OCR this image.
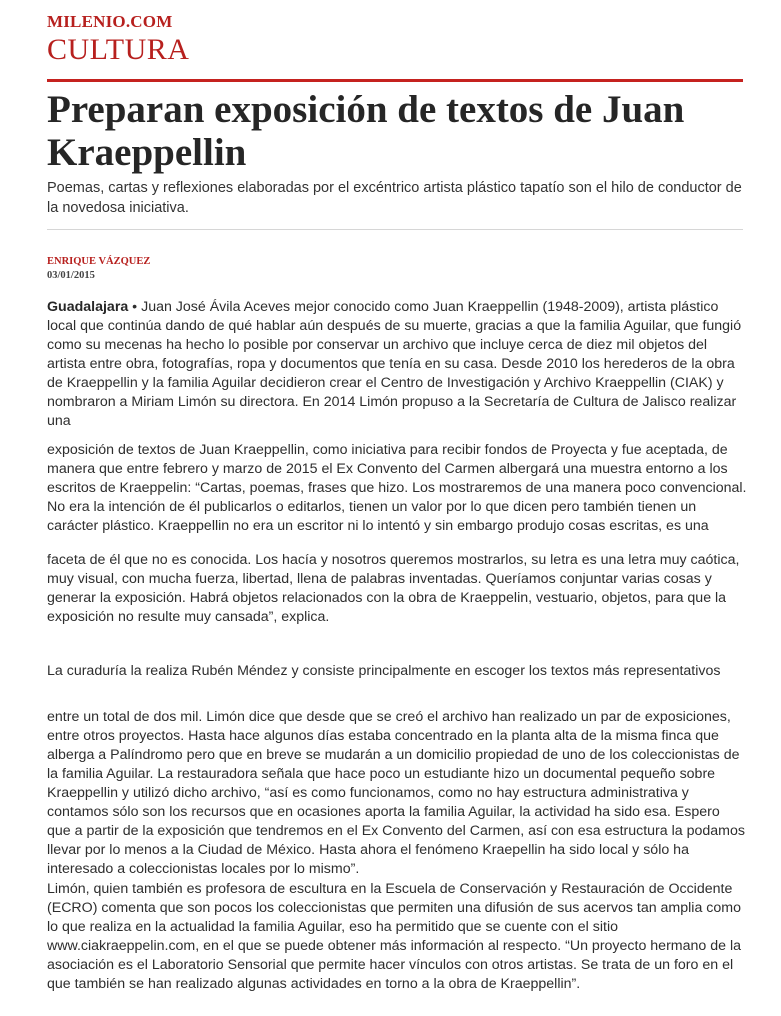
MILENIO.COM
CULTURA
Preparan exposición de textos de Juan Kraeppellin

Poemas, cartas y reflexiones elaboradas por el excéntrico artista plástico tapatío son el hilo de conductor de la novedosa iniciativa.

ENRIQUE VÁZQUEZ
03/01/2015

Guadalajara • Juan José Ávila Aceves mejor conocido como Juan Kraeppellin (1948-2009), artista plástico local que continúa dando de qué hablar aún después de su muerte, gracias a que la familia Aguilar, que fungió como su mecenas ha hecho lo posible por conservar un archivo que incluye cerca de diez mil objetos del artista entre obra, fotografías, ropa y documentos que tenía en su casa. Desde 2010 los herederos de la obra de Kraeppellin y la familia Aguilar decidieron crear el Centro de Investigación y Archivo Kraeppellin (CIAK) y nombraron a Miriam Limón su directora. En 2014 Limón propuso a la Secretaría de Cultura de Jalisco realizar una

exposición de textos de Juan Kraeppellin, como iniciativa para recibir fondos de Proyecta y fue aceptada, de manera que entre febrero y marzo de 2015 el Ex Convento del Carmen albergará una muestra entorno a los escritos de Kraeppelin: “Cartas, poemas, frases que hizo. Los mostraremos de una manera poco convencional. No era la intención de él publicarlos o editarlos, tienen un valor por lo que dicen pero también tienen un carácter plástico. Kraeppellin no era un escritor ni lo intentó y sin embargo produjo cosas escritas, es una

faceta de él que no es conocida. Los hacía y nosotros queremos mostrarlos, su letra es una letra muy caótica, muy visual, con mucha fuerza, libertad, llena de palabras inventadas. Queríamos conjuntar varias cosas y generar la exposición. Habrá objetos relacionados con la obra de Kraeppelin, vestuario, objetos, para que la exposición no resulte muy cansada”, explica.

La curaduría la realiza Rubén Méndez y consiste principalmente en escoger los textos más representativos

entre un total de dos mil. Limón dice que desde que se creó el archivo han realizado un par de exposiciones, entre otros proyectos. Hasta hace algunos días estaba concentrado en la planta alta de la misma finca que alberga a Palíndromo pero que en breve se mudarán a un domicilio propiedad de uno de los coleccionistas de la familia Aguilar. La restauradora señala que hace poco un estudiante hizo un documental pequeño sobre Kraeppellin y utilizó dicho archivo, “así es como funcionamos, como no hay estructura administrativa y contamos sólo son los recursos que en ocasiones aporta la familia Aguilar, la actividad ha sido esa. Espero que a partir de la exposición que tendremos en el Ex Convento del Carmen, así con esa estructura la podamos llevar por lo menos a la Ciudad de México. Hasta ahora el fenómeno Kraepellin ha sido local y sólo ha interesado a coleccionistas locales por lo mismo”.

Limón, quien también es profesora de escultura en la Escuela de Conservación y Restauración de Occidente (ECRO) comenta que son pocos los coleccionistas que permiten una difusión de sus acervos tan amplia como lo que realiza en la actualidad la familia Aguilar, eso ha permitido que se cuente con el sitio www.ciakraeppelin.com, en el que se puede obtener más información al respecto. “Un proyecto hermano de la asociación es el Laboratorio Sensorial que permite hacer vínculos con otros artistas. Se trata de un foro en el que también se han realizado algunas actividades en torno a la obra de Kraeppellin”.
